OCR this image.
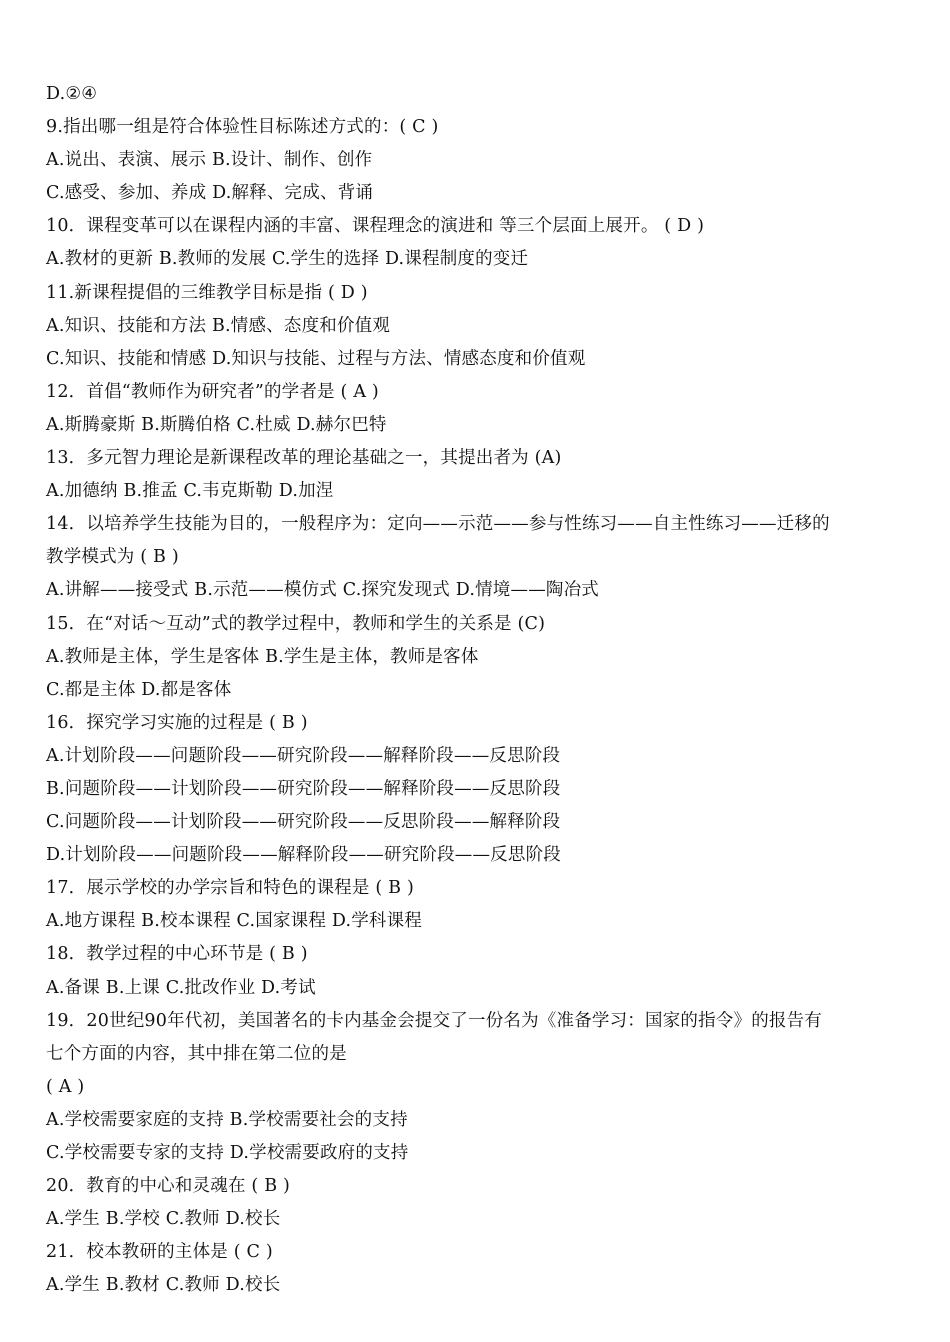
D.②④
9.指出哪一组是符合体验性目标陈述方式的：( C )
A.说出、表演、展示 B.设计、制作、创作
C.感受、参加、养成 D.解释、完成、背诵
10．课程变革可以在课程内涵的丰富、课程理念的演进和 等三个层面上展开。 ( D )
A.教材的更新 B.教师的发展 C.学生的选择 D.课程制度的变迁
11.新课程提倡的三维教学目标是指 ( D )
A.知识、技能和方法 B.情感、态度和价值观
C.知识、技能和情感 D.知识与技能、过程与方法、情感态度和价值观
12．首倡“教师作为研究者”的学者是 ( A )
A.斯腾豪斯 B.斯腾伯格 C.杜威 D.赫尔巴特
13．多元智力理论是新课程改革的理论基础之一，其提出者为 (A)
A.加德纳 B.推孟 C.韦克斯勒 D.加涅
14．以培养学生技能为目的，一般程序为：定向——示范——参与性练习——自主性练习——迁移的
教学模式为 ( B )
A.讲解——接受式 B.示范——模仿式 C.探究发现式 D.情境——陶冶式
15．在“对话～互动”式的教学过程中，教师和学生的关系是 (C)
A.教师是主体，学生是客体 B.学生是主体，教师是客体
C.都是主体 D.都是客体
16．探究学习实施的过程是 ( B )
A.计划阶段——问题阶段——研究阶段——解释阶段——反思阶段
B.问题阶段——计划阶段——研究阶段——解释阶段——反思阶段
C.问题阶段——计划阶段——研究阶段——反思阶段——解释阶段
D.计划阶段——问题阶段——解释阶段——研究阶段——反思阶段
17．展示学校的办学宗旨和特色的课程是 ( B )
A.地方课程 B.校本课程 C.国家课程 D.学科课程
18．教学过程的中心环节是 ( B )
A.备课 B.上课 C.批改作业 D.考试
19．20世纪90年代初，美国著名的卡内基金会提交了一份名为《准备学习：国家的指令》的报告有
七个方面的内容，其中排在第二位的是
( A )
A.学校需要家庭的支持 B.学校需要社会的支持
C.学校需要专家的支持 D.学校需要政府的支持
20．教育的中心和灵魂在 ( B )
A.学生 B.学校 C.教师 D.校长
21．校本教研的主体是 ( C )
A.学生 B.教材 C.教师 D.校长
